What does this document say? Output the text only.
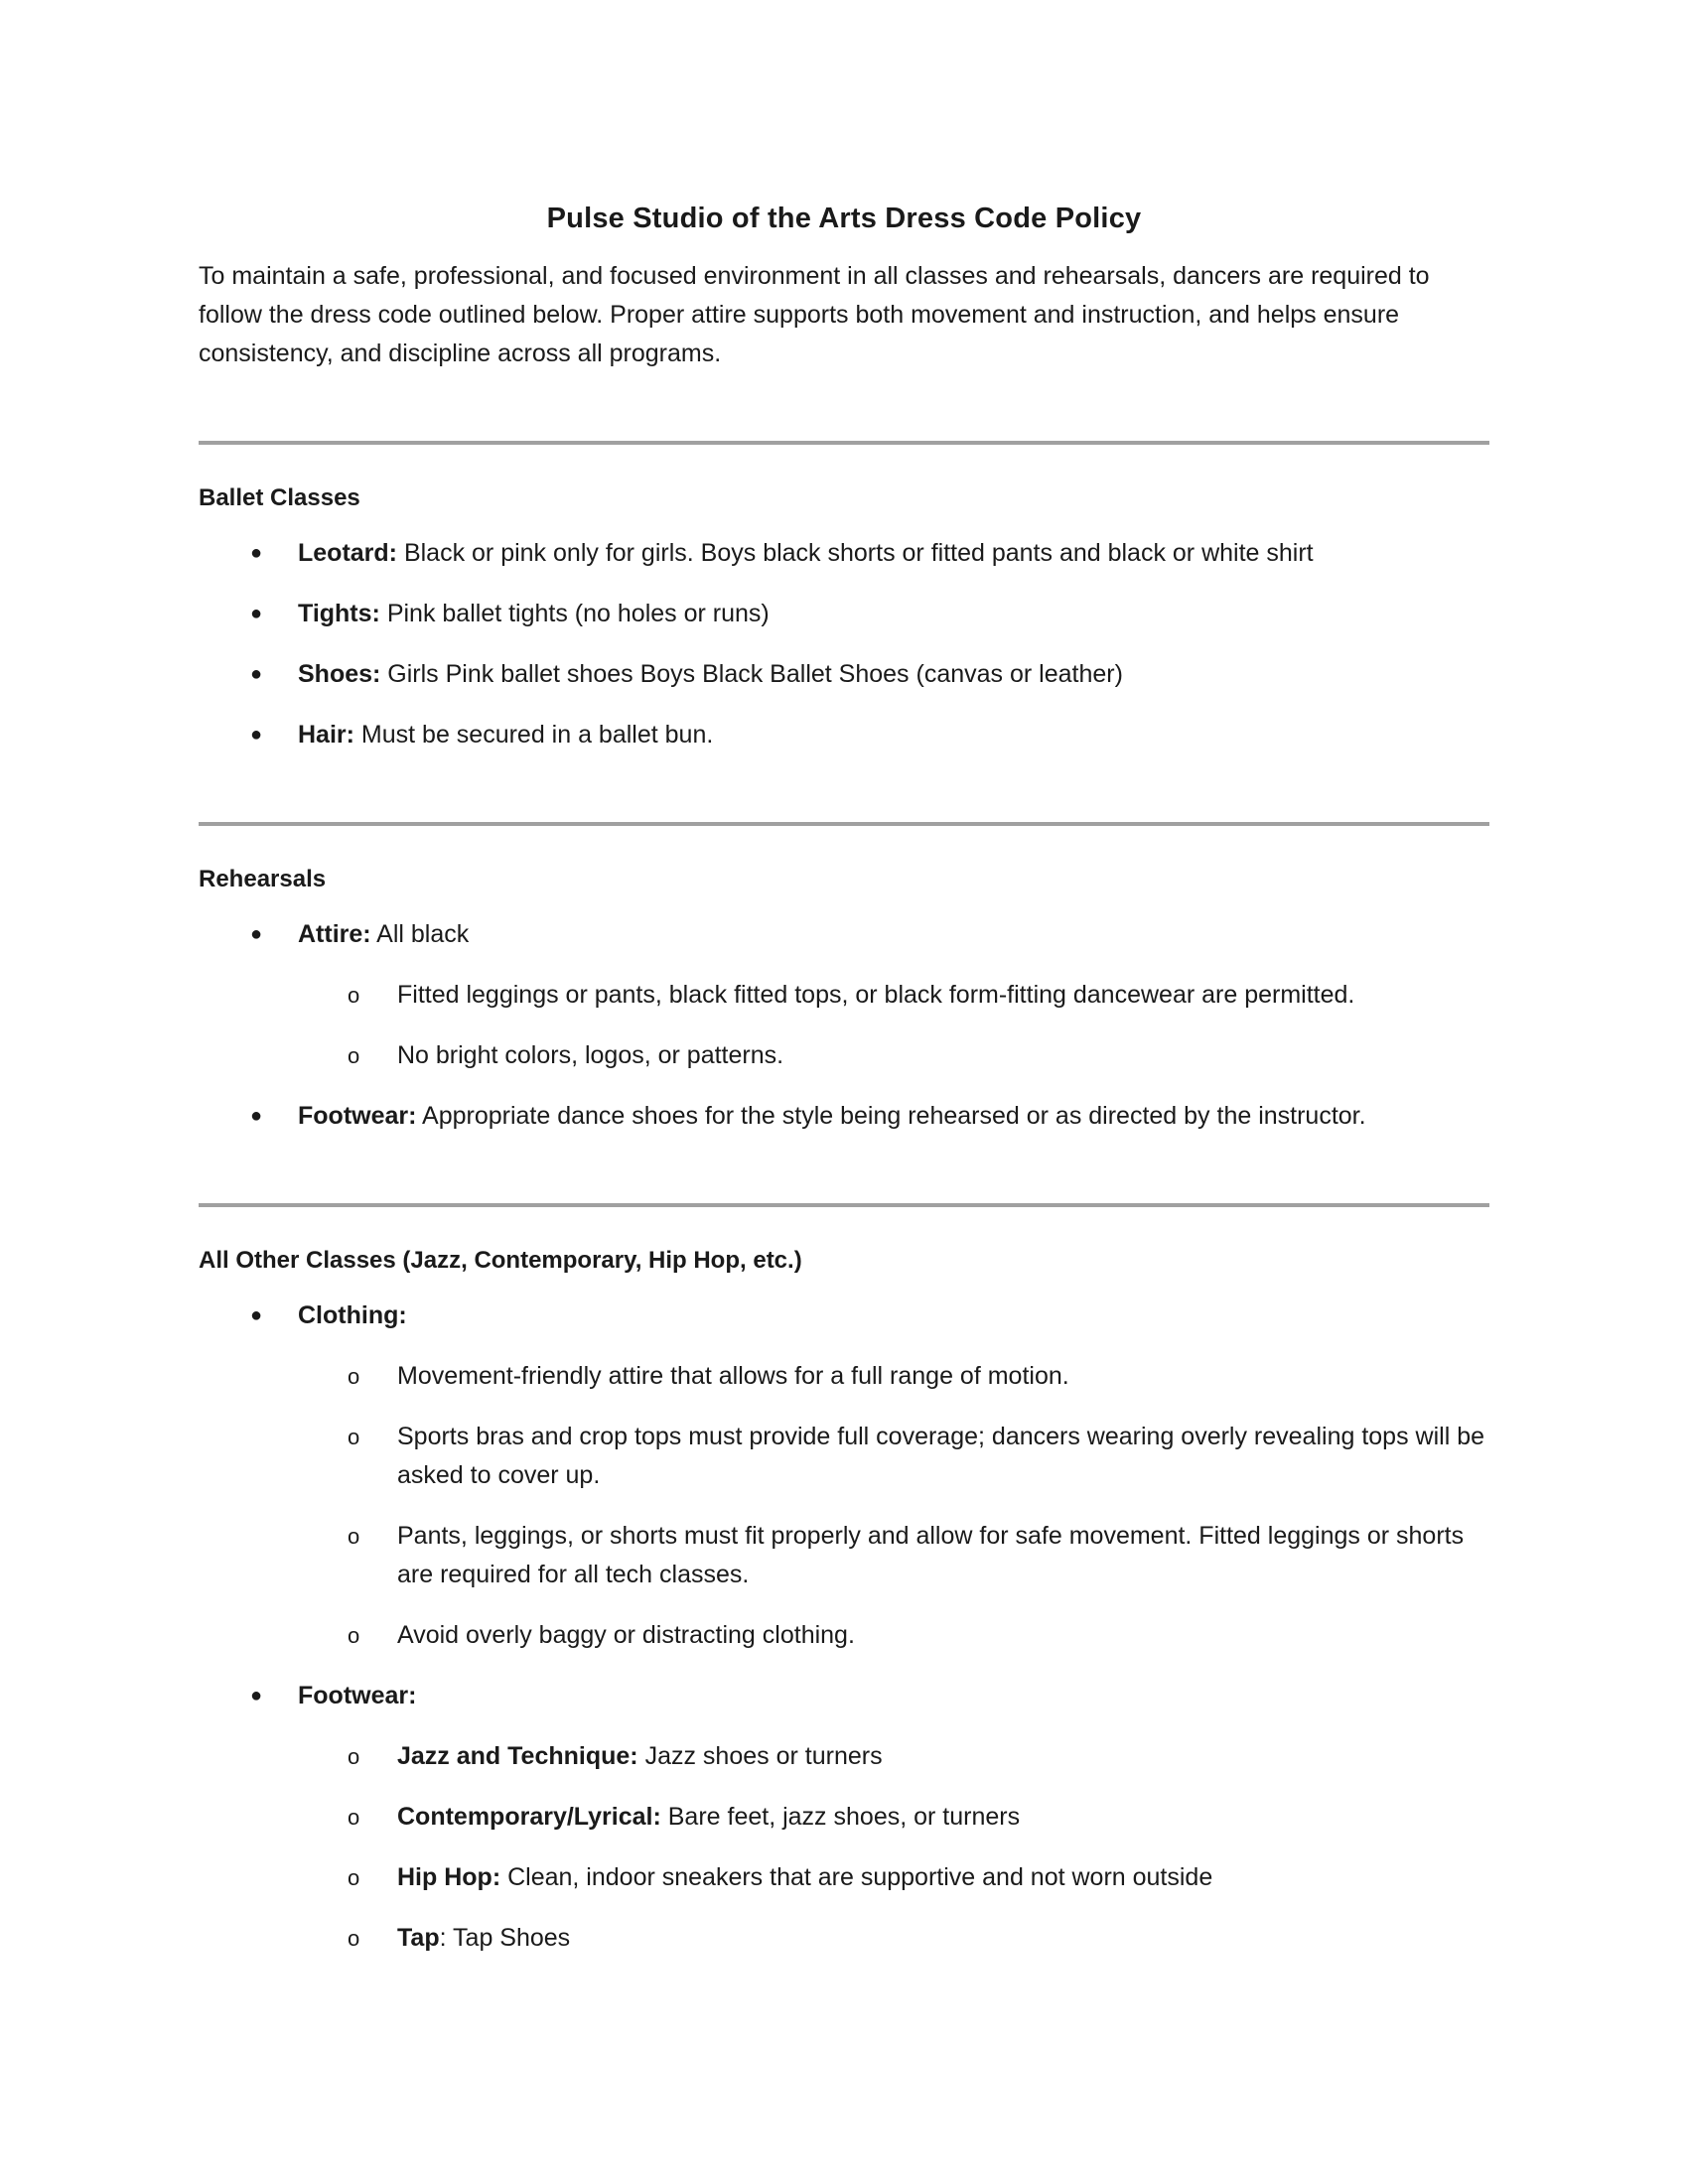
Pulse Studio of the Arts Dress Code Policy

To maintain a safe, professional, and focused environment in all classes and rehearsals, dancers are required to follow the dress code outlined below. Proper attire supports both movement and instruction, and helps ensure consistency, and discipline across all programs.

Ballet Classes
● Leotard: Black or pink only for girls. Boys black shorts or fitted pants and black or white shirt
● Tights: Pink ballet tights (no holes or runs)
● Shoes: Girls Pink ballet shoes Boys Black Ballet Shoes (canvas or leather)
● Hair: Must be secured in a ballet bun.
Rehearsals
● Attire: All black
o Fitted leggings or pants, black fitted tops, or black form-fitting dancewear are permitted.
o No bright colors, logos, or patterns.
● Footwear: Appropriate dance shoes for the style being rehearsed or as directed by the instructor.
All Other Classes (Jazz, Contemporary, Hip Hop, etc.)
● Clothing:
o Movement-friendly attire that allows for a full range of motion.
o Sports bras and crop tops must provide full coverage; dancers wearing overly revealing tops will be asked to cover up.
o Pants, leggings, or shorts must fit properly and allow for safe movement. Fitted leggings or shorts are required for all tech classes.
o Avoid overly baggy or distracting clothing.
● Footwear:
o Jazz and Technique: Jazz shoes or turners
o Contemporary/Lyrical: Bare feet, jazz shoes, or turners
o Hip Hop: Clean, indoor sneakers that are supportive and not worn outside
o Tap: Tap Shoes
